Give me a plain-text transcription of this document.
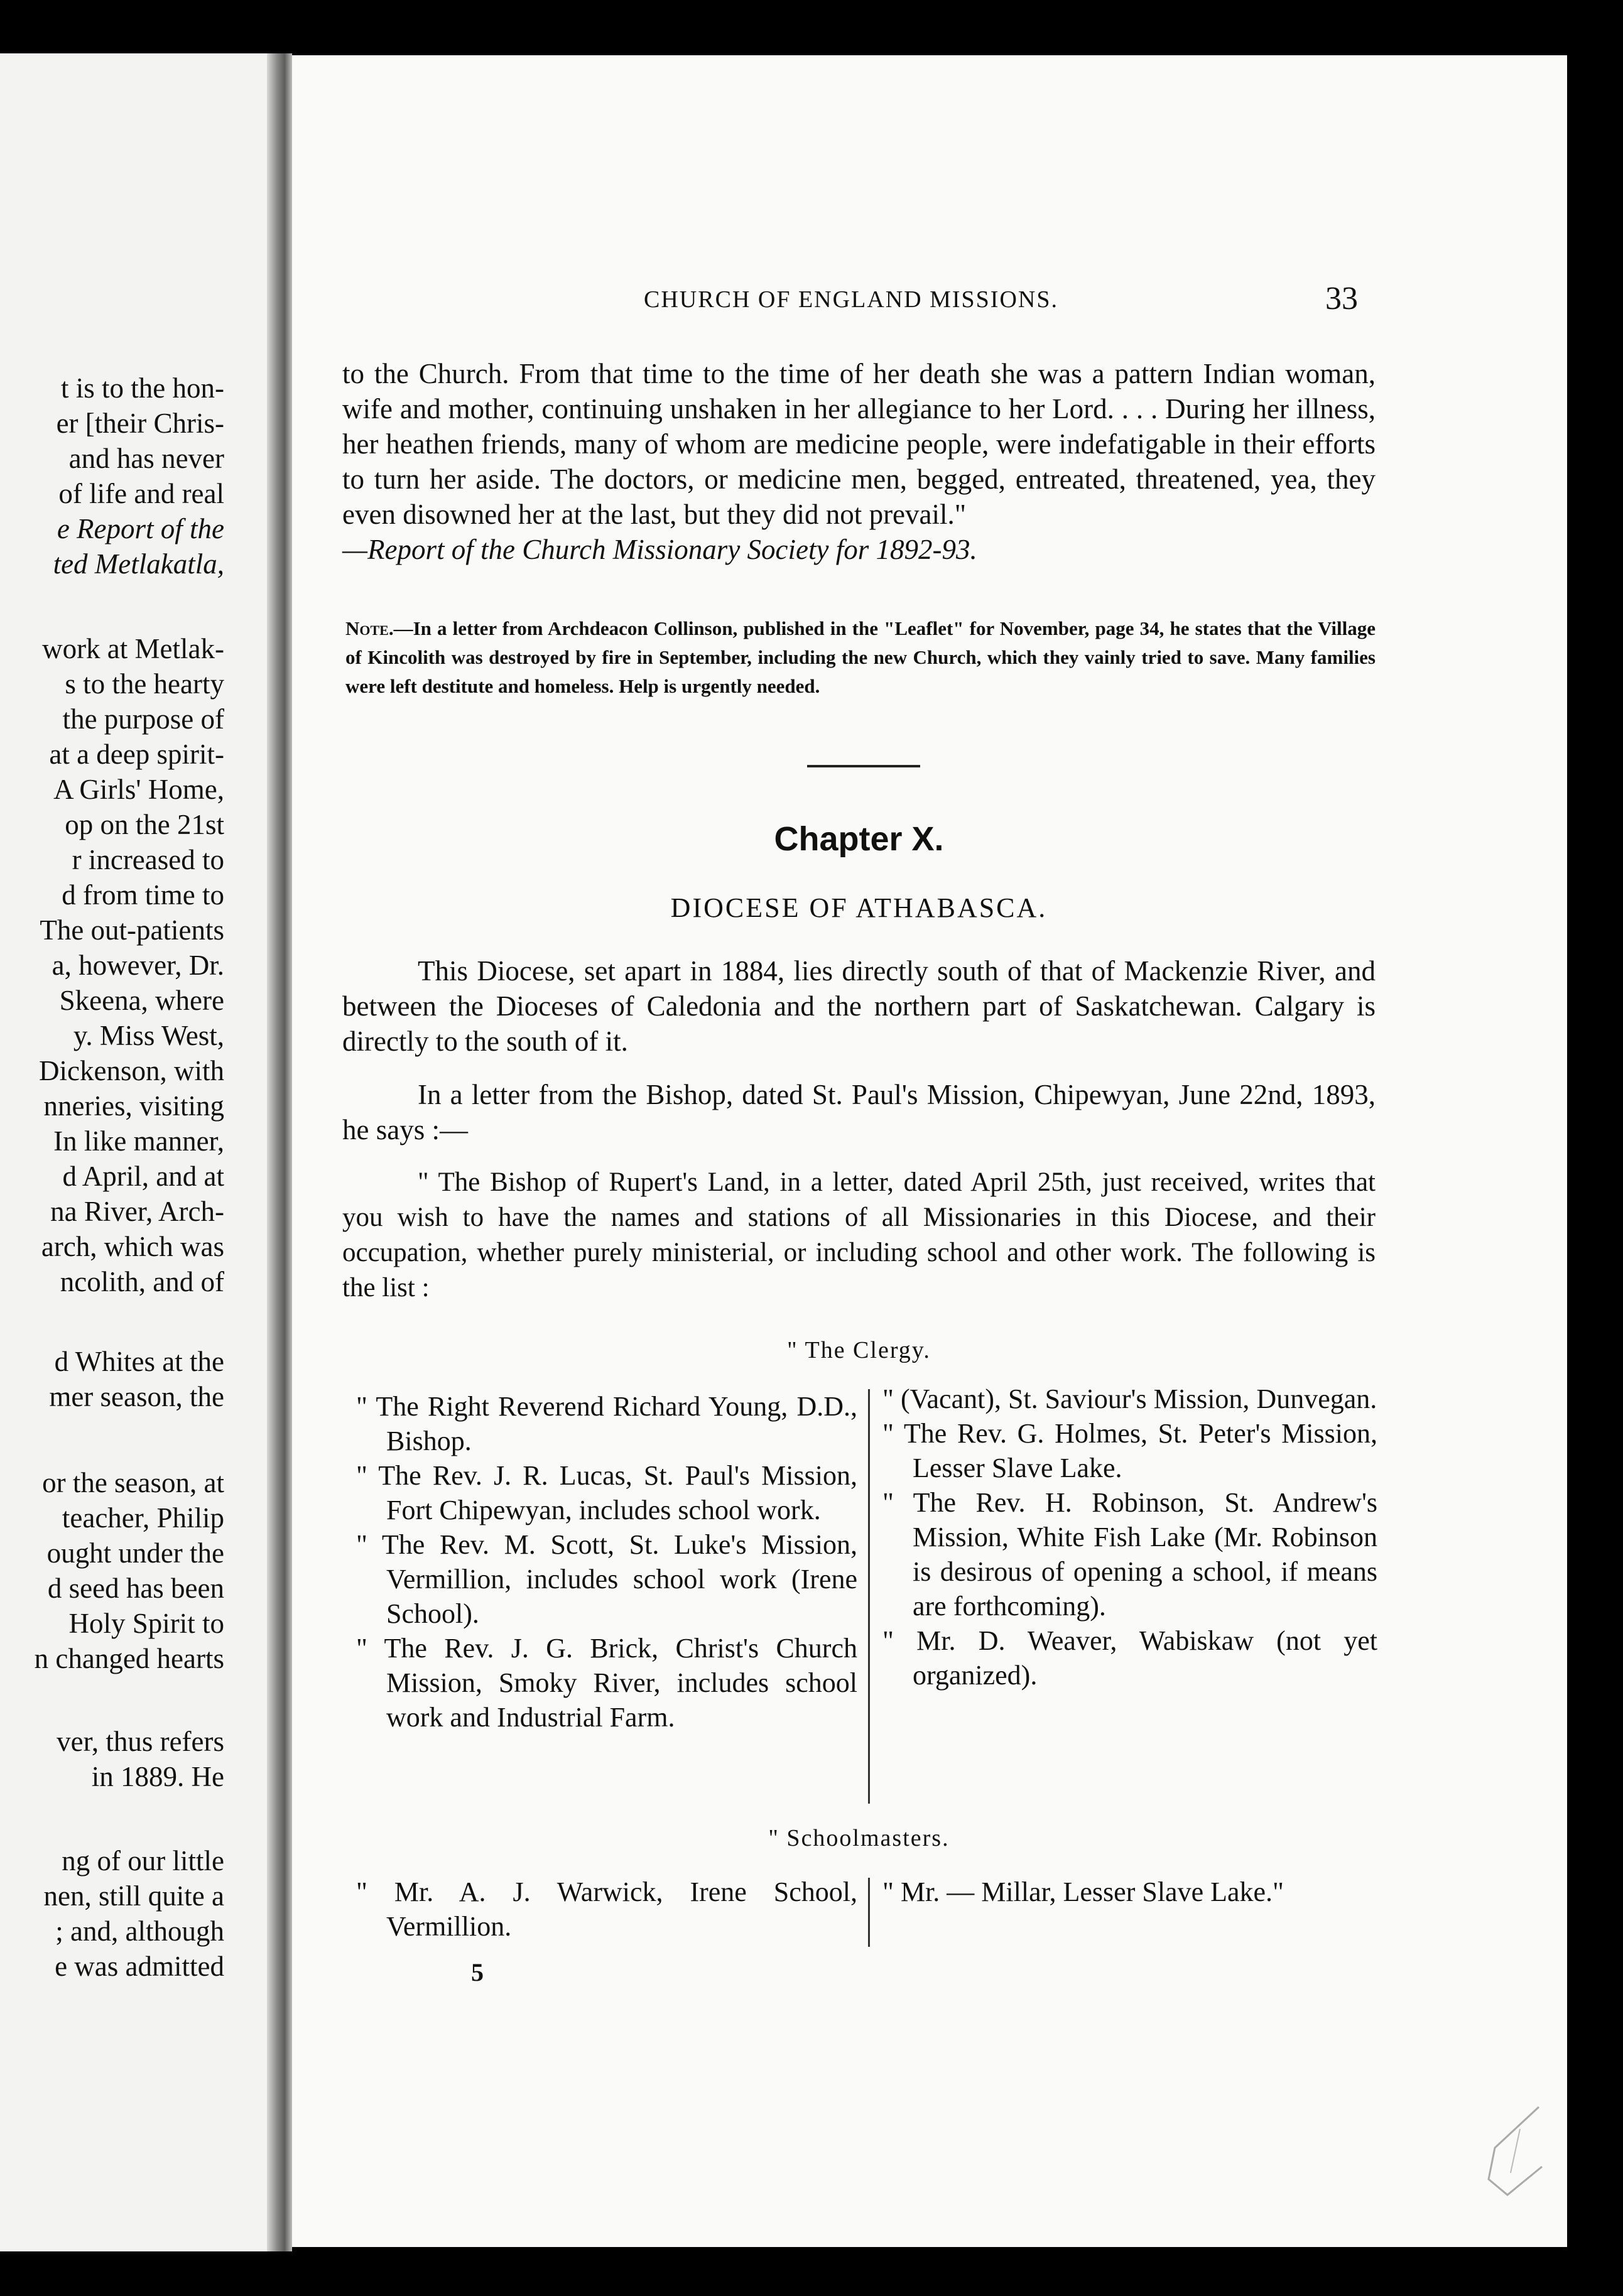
t is to the hon-
er [their Chris-
and has never
of life and real
e Report of the
ted Metlakatla,
work at Metlak-
s to the hearty
the purpose of
at a deep spirit-
A Girls' Home,
op on the 21st
r increased to
d from time to
The out-patients
a, however, Dr.
Skeena, where
y. Miss West,
Dickenson, with
nneries, visiting
In like manner,
d April, and at
na River, Arch-
arch, which was
ncolith, and of
d Whites at the
mer season, the
or the season, at
teacher, Philip
ought under the
d seed has been
Holy Spirit to
n changed hearts
ver, thus refers
in 1889. He
ng of our little
nen, still quite a
; and, although
e was admitted
CHURCH OF ENGLAND MISSIONS.	33
to the Church. From that time to the time of her death she was a pattern Indian woman, wife and mother, continuing unshaken in her allegiance to her Lord. . . . During her illness, her heathen friends, many of whom are medicine people, were indefatigable in their efforts to turn her aside. The doctors, or medicine men, begged, entreated, threatened, yea, they even disowned her at the last, but they did not prevail."
—Report of the Church Missionary Society for 1892-93.
Note.—In a letter from Archdeacon Collinson, published in the "Leaflet" for November, page 34, he states that the Village of Kincolith was destroyed by fire in September, including the new Church, which they vainly tried to save. Many families were left destitute and homeless. Help is urgently needed.
Chapter X.
DIOCESE OF ATHABASCA.
This Diocese, set apart in 1884, lies directly south of that of Mackenzie River, and between the Dioceses of Caledonia and the northern part of Saskatchewan. Calgary is directly to the south of it.
In a letter from the Bishop, dated St. Paul's Mission, Chipewyan, June 22nd, 1893, he says :—
" The Bishop of Rupert's Land, in a letter, dated April 25th, just received, writes that you wish to have the names and stations of all Missionaries in this Diocese, and their occupation, whether purely ministerial, or including school and other work. The following is the list :
" The Clergy.

" The Right Reverend Richard Young, D.D., Bishop.

" The Rev. J. R. Lucas, St. Paul's Mission, Fort Chipewyan, includes school work.

" The Rev. M. Scott, St. Luke's Mission, Vermillion, includes school work (Irene School).

" The Rev. J. G. Brick, Christ's Church Mission, Smoky River, includes school work and Industrial Farm.

" (Vacant), St. Saviour's Mission, Dunvegan.

" The Rev. G. Holmes, St. Peter's Mission, Lesser Slave Lake.

" The Rev. H. Robinson, St. Andrew's Mission, White Fish Lake (Mr. Robinson is desirous of opening a school, if means are forthcoming).

" Mr. D. Weaver, Wabiskaw (not yet organized).

" Schoolmasters.

" Mr. A. J. Warwick, Irene School, Vermillion.

" Mr. — Millar, Lesser Slave Lake."

5
